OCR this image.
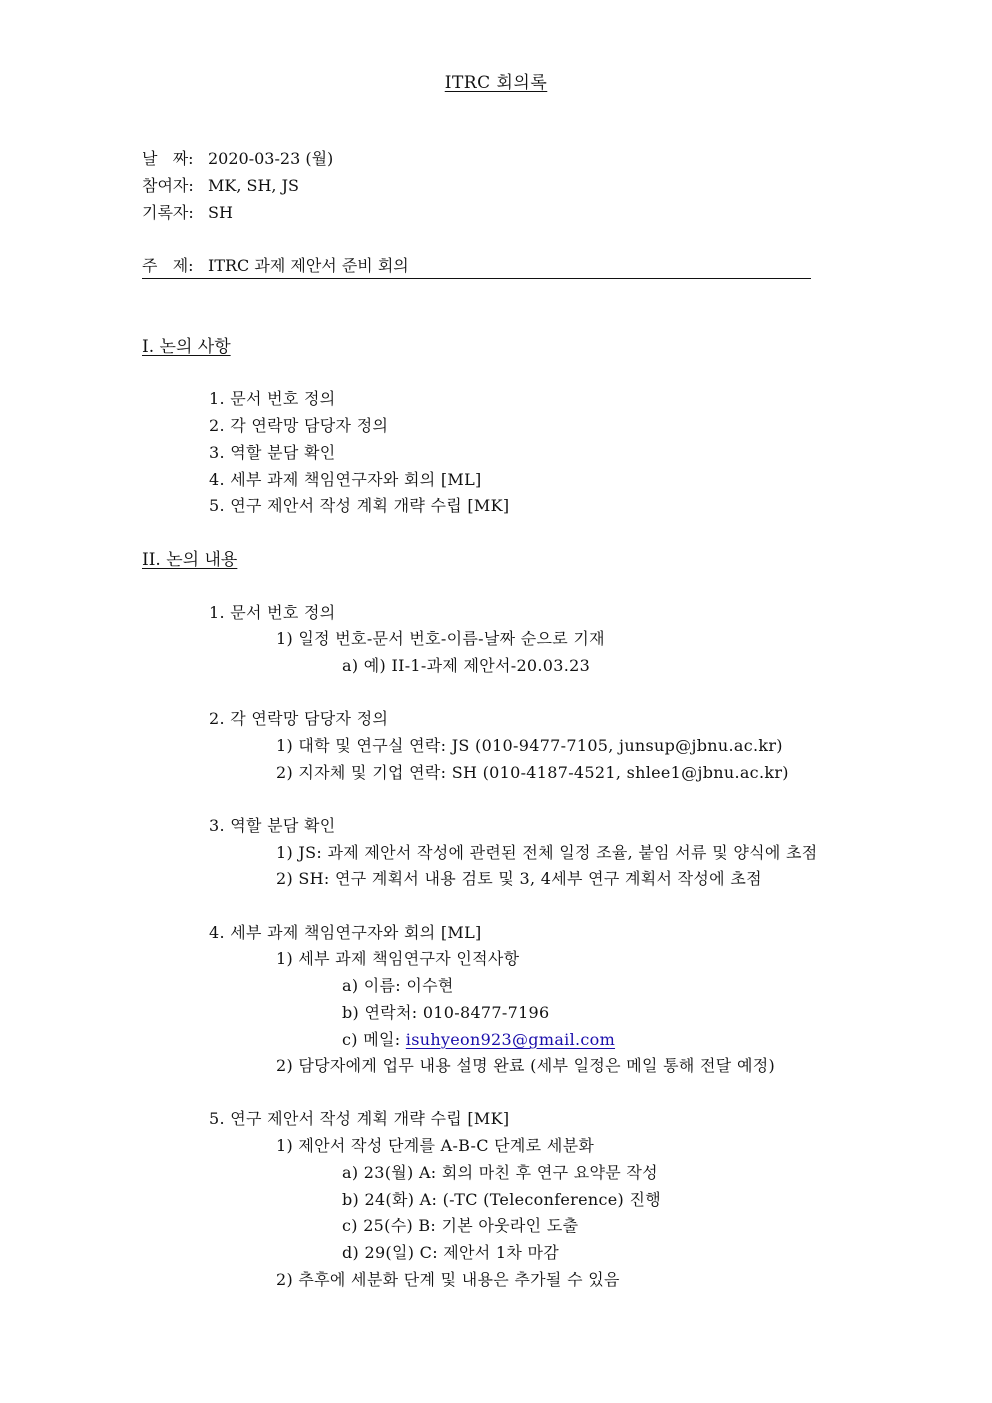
ITRC 회의록
날   짜: 2020-03-23 (월)
참여자: MK, SH, JS
기록자: SH
주   제: ITRC 과제 제안서 준비 회의
I. 논의 사항
1. 문서 번호 정의
2. 각 연락망 담당자 정의
3. 역할 분담 확인
4. 세부 과제 책임연구자와 회의 [ML]
5. 연구 제안서 작성 계획 개략 수립 [MK]
II. 논의 내용
1. 문서 번호 정의
1) 일정 번호-문서 번호-이름-날짜 순으로 기재
a) 예) II-1-과제 제안서-20.03.23
2. 각 연락망 담당자 정의
1) 대학 및 연구실 연락: JS (010-9477-7105, junsup@jbnu.ac.kr)
2) 지자체 및 기업 연락: SH (010-4187-4521, shlee1@jbnu.ac.kr)
3. 역할 분담 확인
1) JS: 과제 제안서 작성에 관련된 전체 일정 조율, 붙임 서류 및 양식에 초점
2) SH: 연구 계획서 내용 검토 및 3, 4세부 연구 계획서 작성에 초점
4. 세부 과제 책임연구자와 회의 [ML]
1) 세부 과제 책임연구자 인적사항
a) 이름: 이수현
b) 연락처: 010-8477-7196
c) 메일: isuhyeon923@gmail.com
2) 담당자에게 업무 내용 설명 완료 (세부 일정은 메일 통해 전달 예정)
5. 연구 제안서 작성 계획 개략 수립 [MK]
1) 제안서 작성 단계를 A-B-C 단계로 세분화
a) 23(월) A: 회의 마친 후 연구 요약문 작성
b) 24(화) A: (-TC (Teleconference) 진행
c) 25(수) B: 기본 아웃라인 도출
d) 29(일) C: 제안서 1차 마감
2) 추후에 세분화 단계 및 내용은 추가될 수 있음
